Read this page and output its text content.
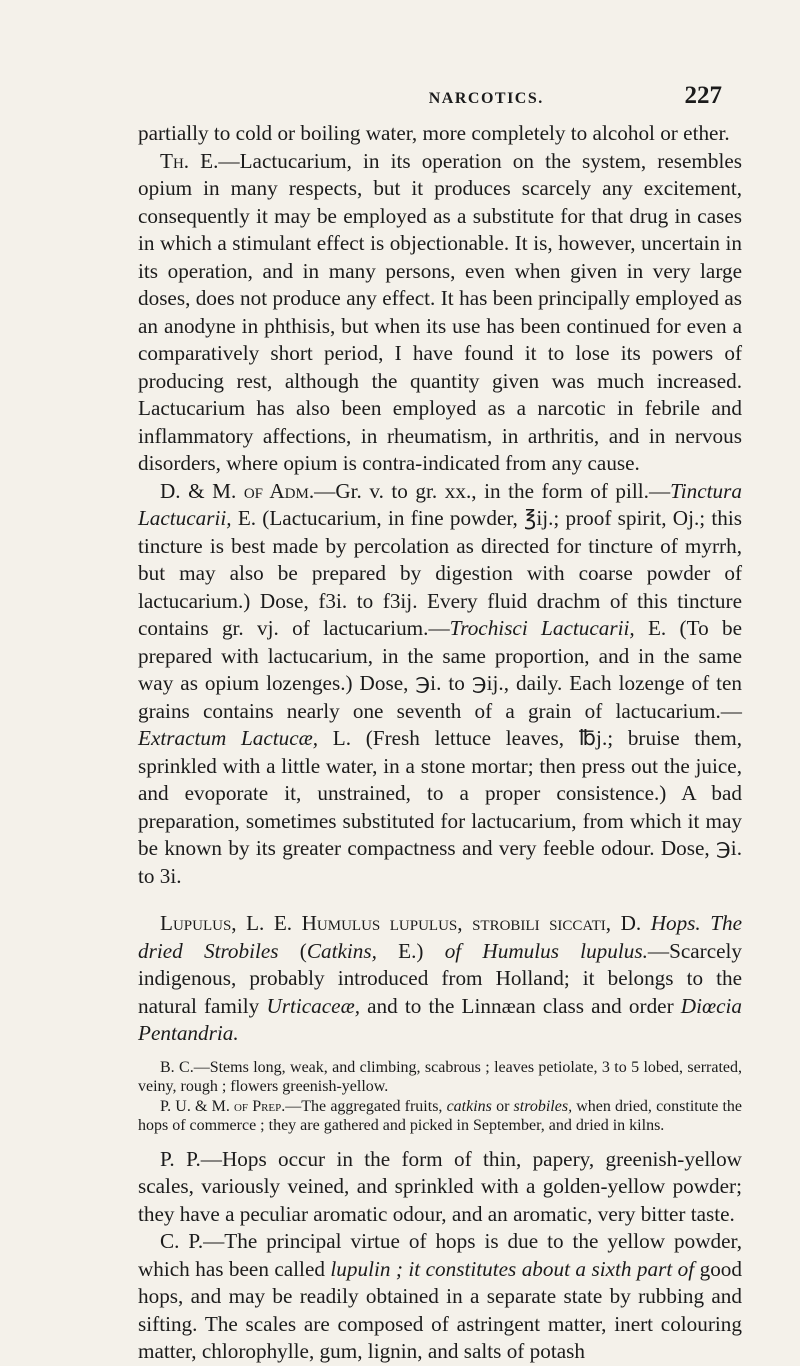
NARCOTICS.	227

partially to cold or boiling water, more completely to alcohol or ether.

Th. E.—Lactucarium, in its operation on the system, resembles opium in many respects, but it produces scarcely any excitement, consequently it may be employed as a substitute for that drug in cases in which a stimulant effect is objectionable. It is, however, uncertain in its operation, and in many persons, even when given in very large doses, does not produce any effect. It has been principally employed as an anodyne in phthisis, but when its use has been continued for even a comparatively short period, I have found it to lose its powers of producing rest, although the quantity given was much increased. Lactucarium has also been employed as a narcotic in febrile and inflammatory affections, in rheumatism, in arthritis, and in nervous disorders, where opium is contra-indicated from any cause.

D. & M. of Adm.—Gr. v. to gr. xx., in the form of pill.—Tinctura Lactucarii, E. (Lactucarium, in fine powder, ℥ij.; proof spirit, Oj.; this tincture is best made by percolation as directed for tincture of myrrh, but may also be prepared by digestion with coarse powder of lactucarium.) Dose, f3i. to f3ij. Every fluid drachm of this tincture contains gr. vj. of lactucarium.—Trochisci Lactucarii, E. (To be prepared with lactucarium, in the same proportion, and in the same way as opium lozenges.) Dose, ℈i. to ℈ij., daily. Each lozenge of ten grains contains nearly one seventh of a grain of lactucarium.—Extractum Lactucæ, L. (Fresh lettuce leaves, ℔j.; bruise them, sprinkled with a little water, in a stone mortar; then press out the juice, and evoporate it, unstrained, to a proper consistence.) A bad preparation, sometimes substituted for lactucarium, from which it may be known by its greater compactness and very feeble odour. Dose, ℈i. to 3i.

Lupulus, L. E. Humulus lupulus, strobili siccati, D. Hops. The dried Strobiles (Catkins, E.) of Humulus lupulus.—Scarcely indigenous, probably introduced from Holland; it belongs to the natural family Urticaceæ, and to the Linnæan class and order Diœcia Pentandria.

B. C.—Stems long, weak, and climbing, scabrous ; leaves petiolate, 3 to 5 lobed, serrated, veiny, rough ; flowers greenish-yellow.

P. U. & M. of Prep.—The aggregated fruits, catkins or strobiles, when dried, constitute the hops of commerce ; they are gathered and picked in September, and dried in kilns.

P. P.—Hops occur in the form of thin, papery, greenish-yellow scales, variously veined, and sprinkled with a golden-yellow powder; they have a peculiar aromatic odour, and an aromatic, very bitter taste.

C. P.—The principal virtue of hops is due to the yellow powder, which has been called lupulin ; it constitutes about a sixth part of good hops, and may be readily obtained in a separate state by rubbing and sifting. The scales are composed of astringent matter, inert colouring matter, chlorophylle, gum, lignin, and salts of potash
